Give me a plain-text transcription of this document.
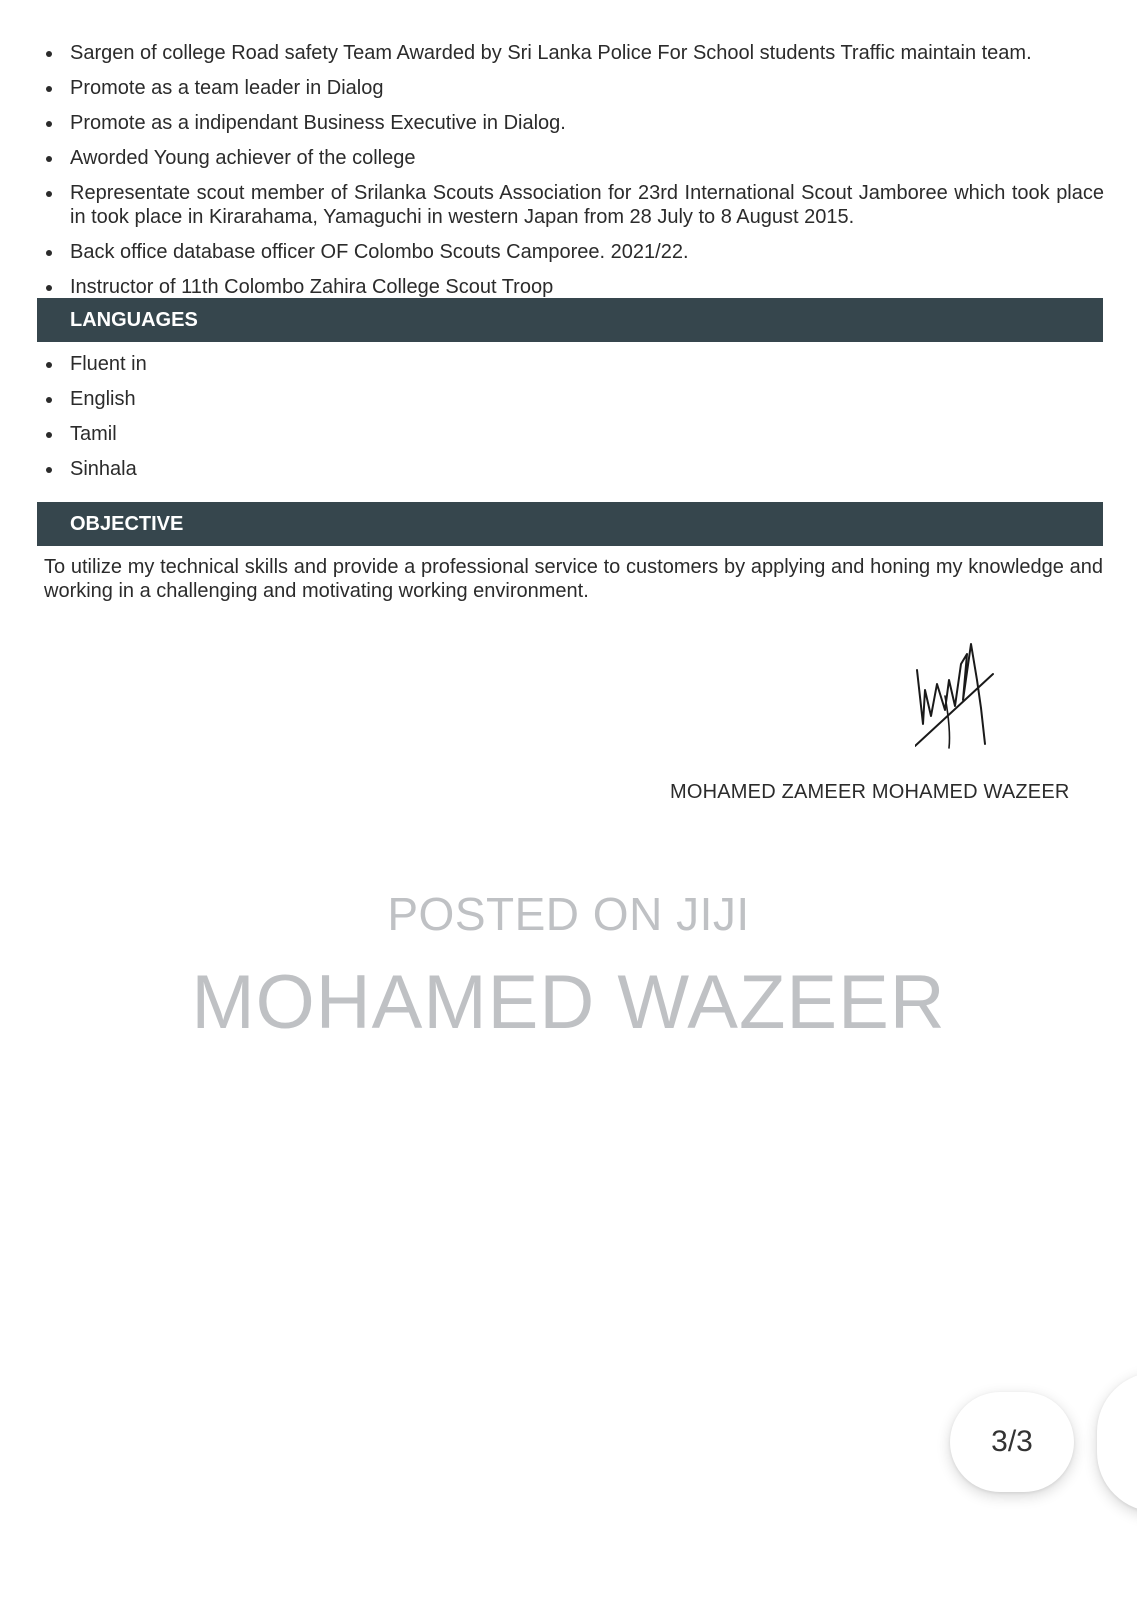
Sargen of college Road safety Team Awarded by Sri Lanka Police For School students Traffic maintain team.
Promote as a team leader in Dialog
Promote as a indipendant Business Executive in Dialog.
Aworded Young achiever of the college
Representate scout member of Srilanka Scouts Association for 23rd International Scout Jamboree which took place in took place in Kirarahama, Yamaguchi in western Japan from 28 July to 8 August 2015.
Back office database officer OF Colombo Scouts Camporee. 2021/22.
Instructor of 11th Colombo Zahira College Scout Troop
LANGUAGES
Fluent in
English
Tamil
Sinhala
OBJECTIVE
To utilize my technical skills and provide a professional service to customers by applying and honing my knowledge and working in a challenging and motivating working environment.
MOHAMED ZAMEER MOHAMED WAZEER
POSTED ON JIJI
MOHAMED WAZEER
3/3
